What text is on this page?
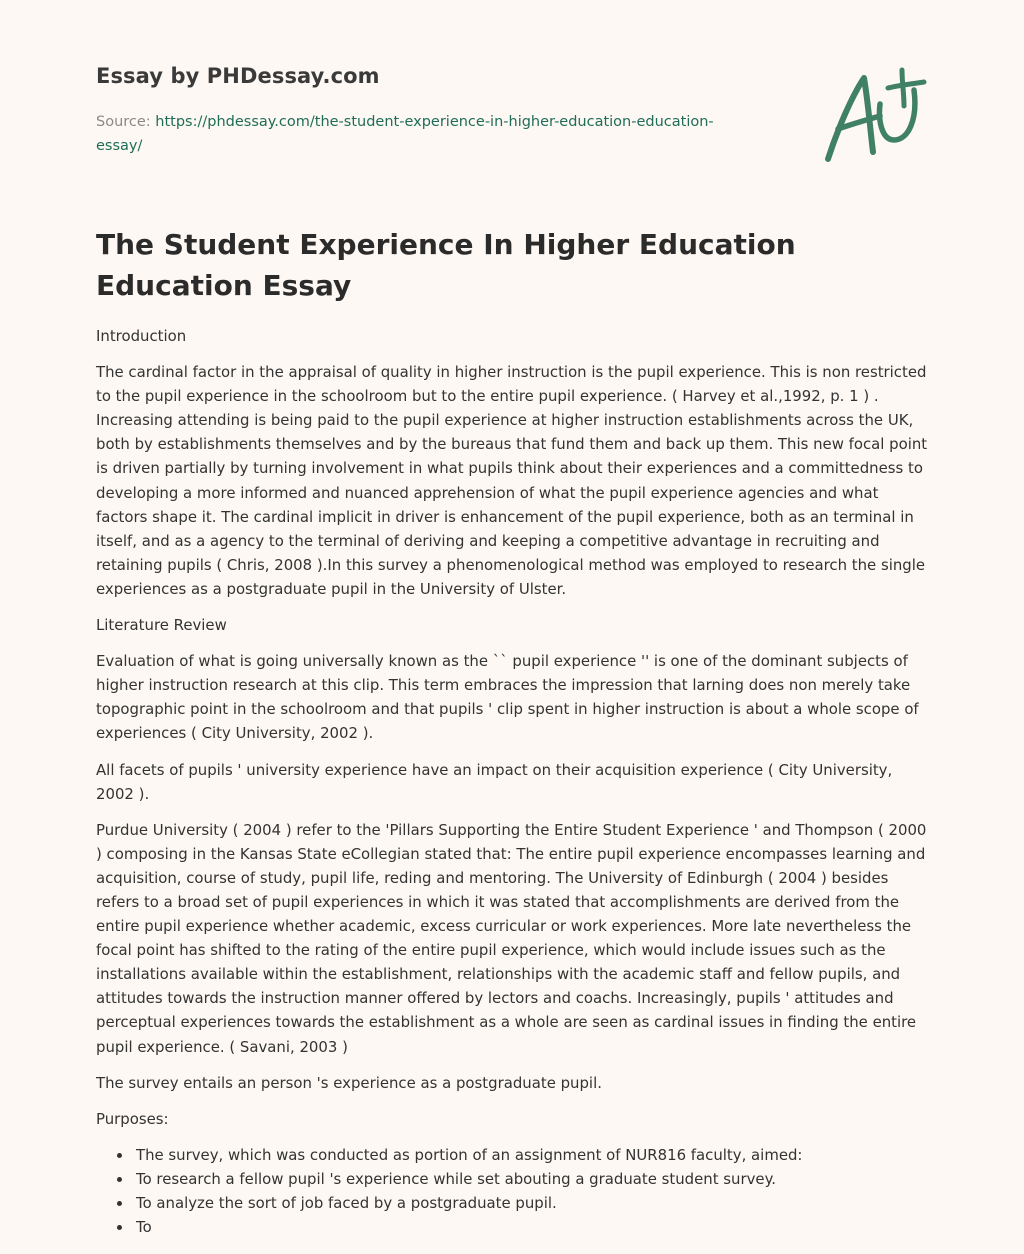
Essay by PHDessay.com
Source: https://phdessay.com/the-student-experience-in-higher-education-education-essay/
The Student Experience In Higher Education Education Essay

Introduction

The cardinal factor in the appraisal of quality in higher instruction is the pupil experience. This is non restricted to the pupil experience in the schoolroom but to the entire pupil experience. ( Harvey et al.,1992, p. 1 ) . Increasing attending is being paid to the pupil experience at higher instruction establishments across the UK, both by establishments themselves and by the bureaus that fund them and back up them. This new focal point is driven partially by turning involvement in what pupils think about their experiences and a committedness to developing a more informed and nuanced apprehension of what the pupil experience agencies and what factors shape it. The cardinal implicit in driver is enhancement of the pupil experience, both as an terminal in itself, and as a agency to the terminal of deriving and keeping a competitive advantage in recruiting and retaining pupils ( Chris, 2008 ).In this survey a phenomenological method was employed to research the single experiences as a postgraduate pupil in the University of Ulster.

Literature Review

Evaluation of what is going universally known as the `` pupil experience '' is one of the dominant subjects of higher instruction research at this clip. This term embraces the impression that larning does non merely take topographic point in the schoolroom and that pupils ' clip spent in higher instruction is about a whole scope of experiences ( City University, 2002 ).

All facets of pupils ' university experience have an impact on their acquisition experience ( City University, 2002 ).

Purdue University ( 2004 ) refer to the 'Pillars Supporting the Entire Student Experience ' and Thompson ( 2000 ) composing in the Kansas State eCollegian stated that: The entire pupil experience encompasses learning and acquisition, course of study, pupil life, reding and mentoring. The University of Edinburgh ( 2004 ) besides refers to a broad set of pupil experiences in which it was stated that accomplishments are derived from the entire pupil experience whether academic, excess curricular or work experiences. More late nevertheless the focal point has shifted to the rating of the entire pupil experience, which would include issues such as the installations available within the establishment, relationships with the academic staff and fellow pupils, and attitudes towards the instruction manner offered by lectors and coachs. Increasingly, pupils ' attitudes and perceptual experiences towards the establishment as a whole are seen as cardinal issues in finding the entire pupil experience. ( Savani, 2003 )

The survey entails an person 's experience as a postgraduate pupil.

Purposes:

The survey, which was conducted as portion of an assignment of NUR816 faculty, aimed:
To research a fellow pupil 's experience while set abouting a graduate student survey.
To analyze the sort of job faced by a postgraduate pupil.
To
